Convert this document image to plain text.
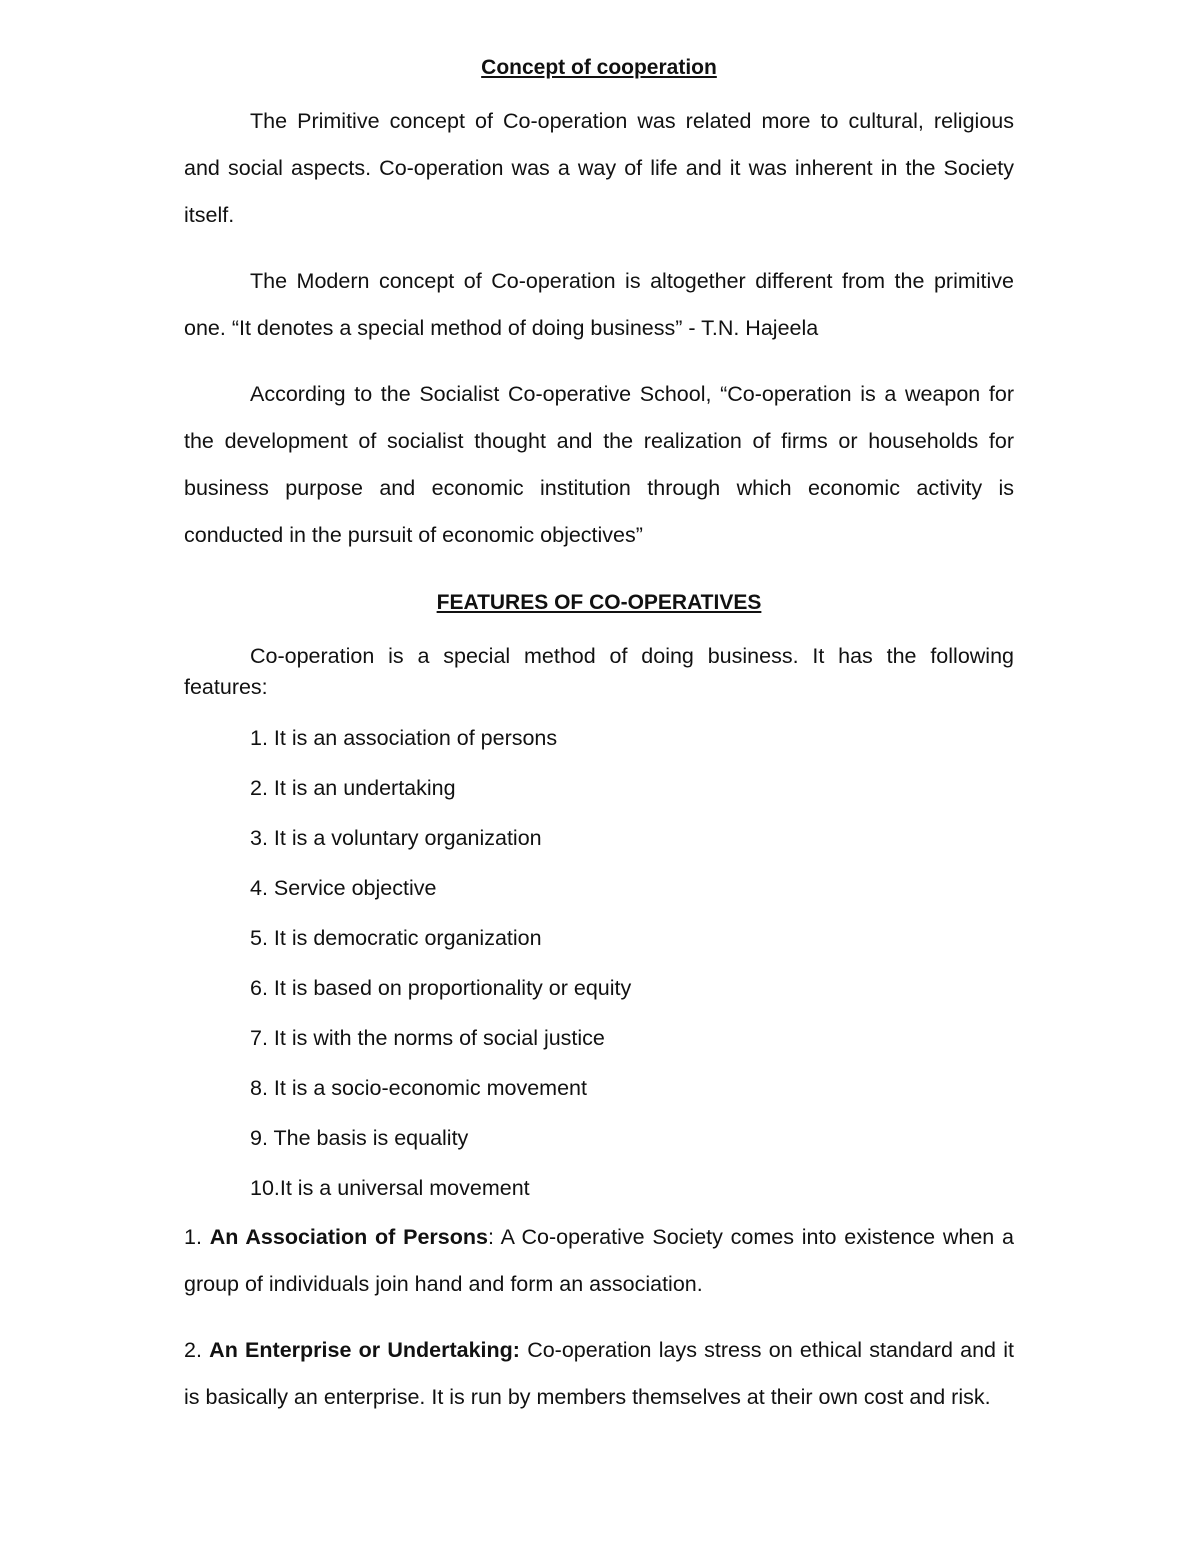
Concept of cooperation

The Primitive concept of Co-operation was related more to cultural, religious and social aspects. Co-operation was a way of life and it was inherent in the Society itself.

The Modern concept of Co-operation is altogether different from the primitive one. “It denotes a special method of doing business” - T.N. Hajeela

According to the Socialist Co-operative School, “Co-operation is a weapon for the development of socialist thought and the realization of firms or households for business purpose and economic institution through which economic activity is conducted in the pursuit of economic objectives”

FEATURES OF CO-OPERATIVES

Co-operation is a special method of doing business. It has the following features:

1. It is an association of persons
2. It is an undertaking
3. It is a voluntary organization
4. Service objective
5. It is democratic organization
6. It is based on proportionality or equity
7. It is with the norms of social justice
8. It is a socio-economic movement
9. The basis is equality
10.It is a universal movement

1. An Association of Persons: A Co-operative Society comes into existence when a group of individuals join hand and form an association.

2. An Enterprise or Undertaking: Co-operation lays stress on ethical standard and it is basically an enterprise. It is run by members themselves at their own cost and risk.
